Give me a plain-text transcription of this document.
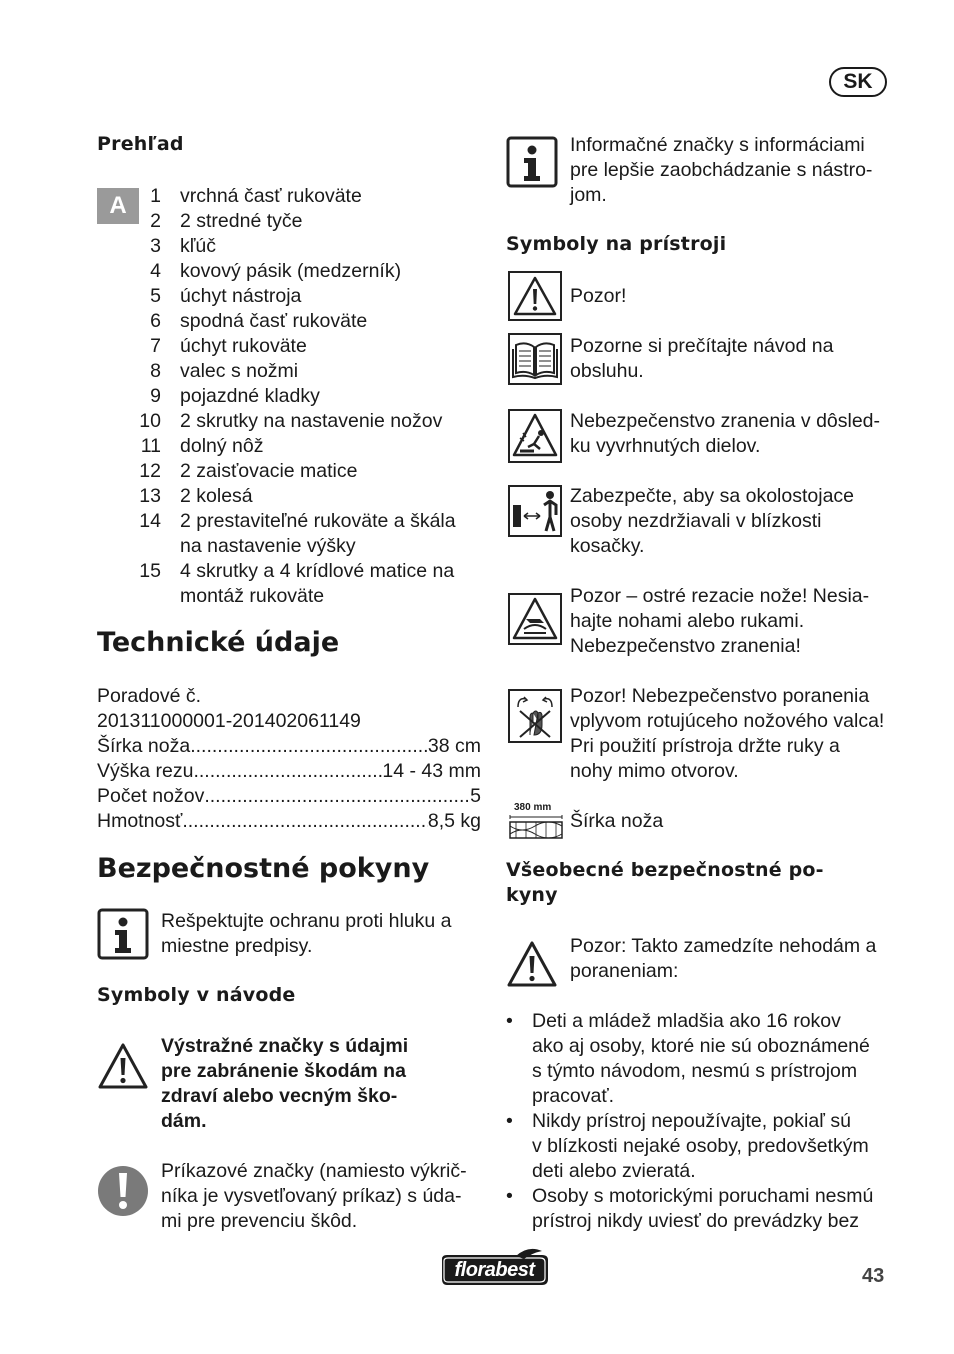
SK
Prehľad
A	1 vrchná časť rukoväte
2 2 stredné tyče
3 kľúč
4 kovový pásik (medzerník)
5 úchyt nástroja
6 spodná časť rukoväte
7 úchyt rukoväte
8 valec s nožmi
9 pojazdné kladky
10 2 skrutky na nastavenie nožov
11 dolný nôž
12 2 zaisťovacie matice
13 2 kolesá
14 2 prestaviteľné rukoväte a škála
na nastavenie výšky
15 4 skrutky a 4 krídlové matice na
montáž rukoväte
Technické údaje
Poradové č.
201311000001-201402061149
Šírka noža .....	38 cm
Výška rezu .....	14 - 43 mm
Počet nožov .....	5
Hmotnosť .....	8,5 kg
Bezpečnostné pokyny
Rešpektujte ochranu proti hluku a
miestne predpisy.
Symboly v návode
Výstražné značky s údajmi
pre zabránenie škodám na
zdraví alebo vecným ško-
dám.
Príkazové značky (namiesto výkrič-
níka je vysvetľovaný príkaz) s úda-
mi pre prevenciu škôd.
Informačné značky s informáciami
pre lepšie zaobchádzanie s nástro-
jom.
Symboly na prístroji
380 mm
Pozor!
Pozorne si prečítajte návod na
obsluhu.
Nebezpečenstvo zranenia v dôsled-
ku vyvrhnutých dielov.
Zabezpečte, aby sa okolostojace
osoby nezdržiavali v blízkosti
kosačky.
Pozor – ostré rezacie nože! Nesia-
hajte nohami alebo rukami.
Nebezpečenstvo zranenia!
Pozor! Nebezpečenstvo poranenia
vplyvom rotujúceho nožového valca!
Pri použití prístroja držte ruky a
nohy mimo otvorov.
Šírka noža
Všeobecné bezpečnostné po-
kyny
Pozor: Takto zamedzíte nehodám a
poraneniam:
• Deti a mládež mladšia ako 16 rokov
ako aj osoby, ktoré nie sú oboznámené
s týmto návodom, nesmú s prístrojom
pracovať.
• Nikdy prístroj nepoužívajte, pokiaľ sú
v blízkosti nejaké osoby, predovšetkým
deti alebo zvieratá.
• Osoby s motorickými poruchami nesmú
prístroj nikdy uviesť do prevádzky bez
florabest	43
